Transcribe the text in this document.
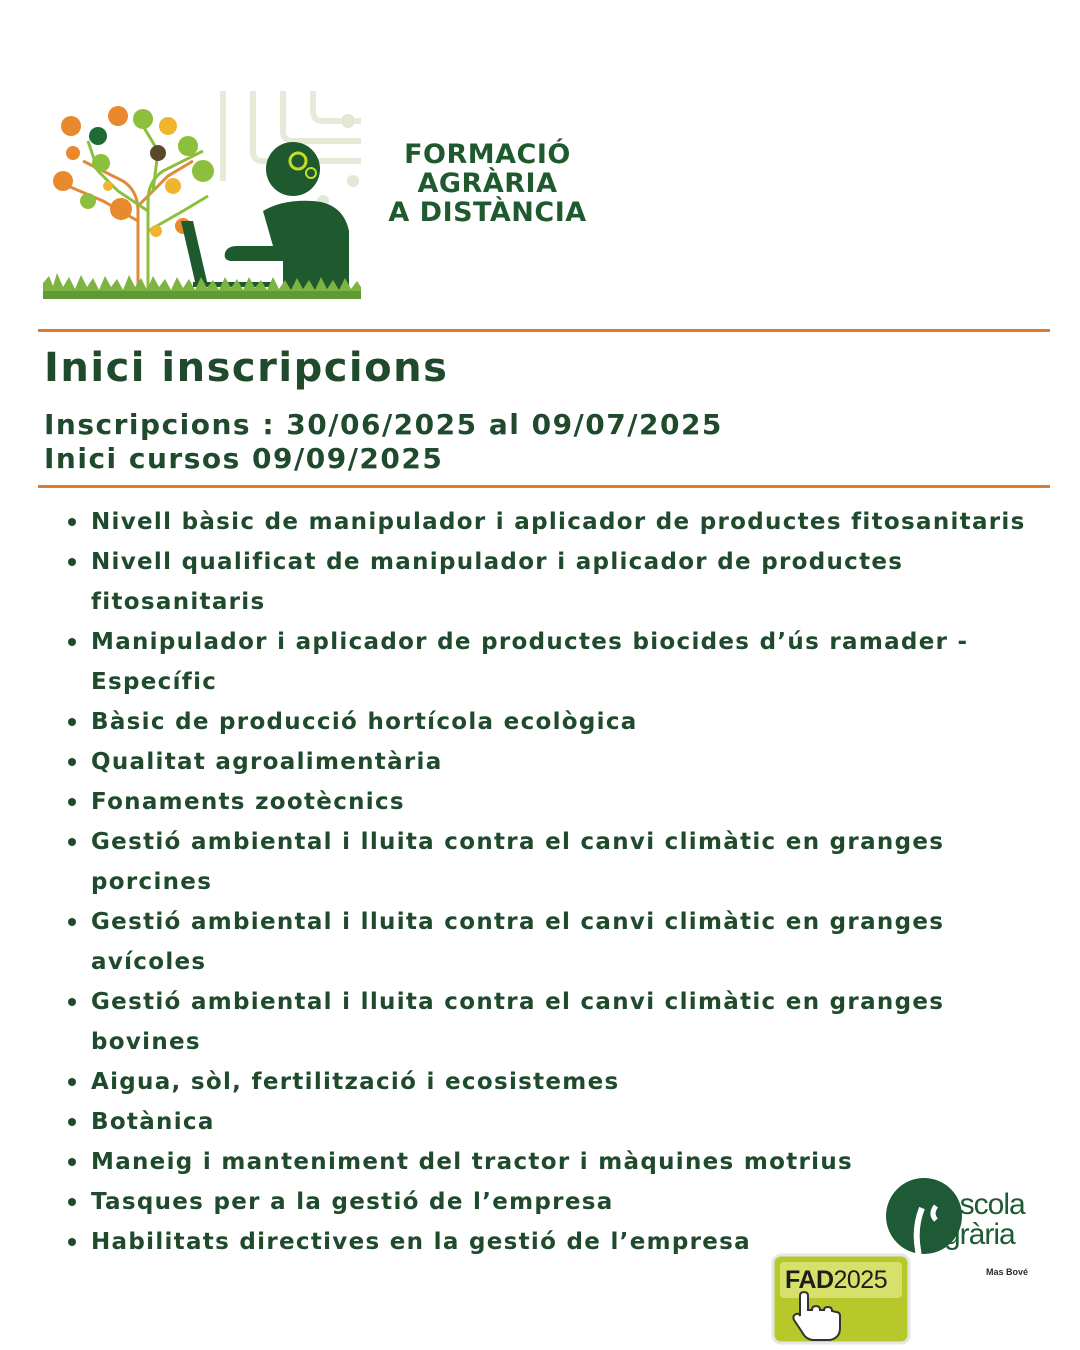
FORMACIÓ
AGRÀRIA
A DISTÀNCIA
Inici inscripcions
Inscripcions : 30/06/2025 al 09/07/2025
Inici cursos 09/09/2025
Nivell bàsic de manipulador i aplicador de productes fitosanitaris
Nivell qualificat de manipulador i aplicador de productes fitosanitaris
Manipulador i aplicador de productes biocides d’ús ramader - Específic
Bàsic de producció hortícola ecològica
Qualitat agroalimentària
Fonaments zootècnics
Gestió ambiental i lluita contra el canvi climàtic en granges porcines
Gestió ambiental i lluita contra el canvi climàtic en granges avícoles
Gestió ambiental i lluita contra el canvi climàtic en granges bovines
Aigua, sòl, fertilització i ecosistemes
Botànica
Maneig i manteniment del tractor i màquines motrius
Tasques per a la gestió de l’empresa
Habilitats directives en la gestió de l’empresa
escola
grària
Mas Bové
FAD2025
